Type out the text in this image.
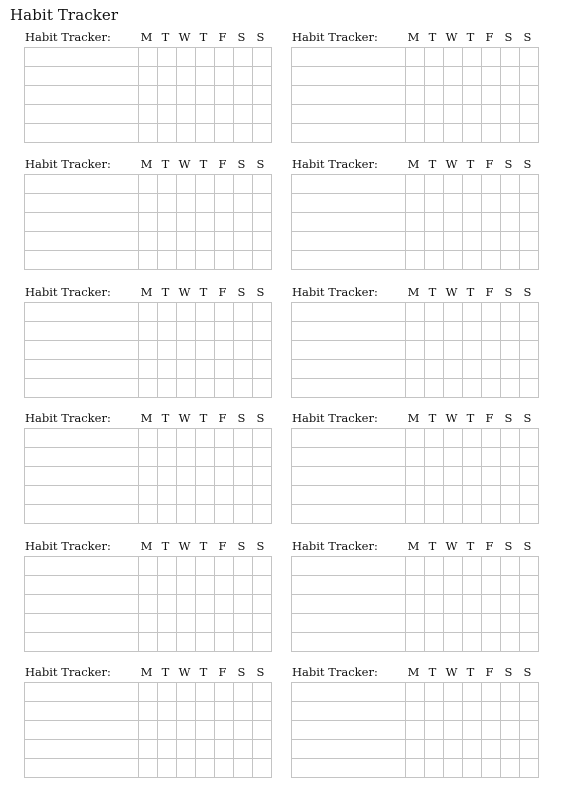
Habit Tracker
Habit Tracker:	M T W T F S S

								Habit Tracker:	M T W T F S S

Habit Tracker:	M T W T F S S

								Habit Tracker:	M T W T F S S

Habit Tracker:	M T W T F S S

								Habit Tracker:	M T W T F S S

Habit Tracker:	M T W T F S S

								Habit Tracker:	M T W T F S S

Habit Tracker:	M T W T F S S

								Habit Tracker:	M T W T F S S

Habit Tracker:	M T W T F S S

								Habit Tracker:	M T W T F S S
